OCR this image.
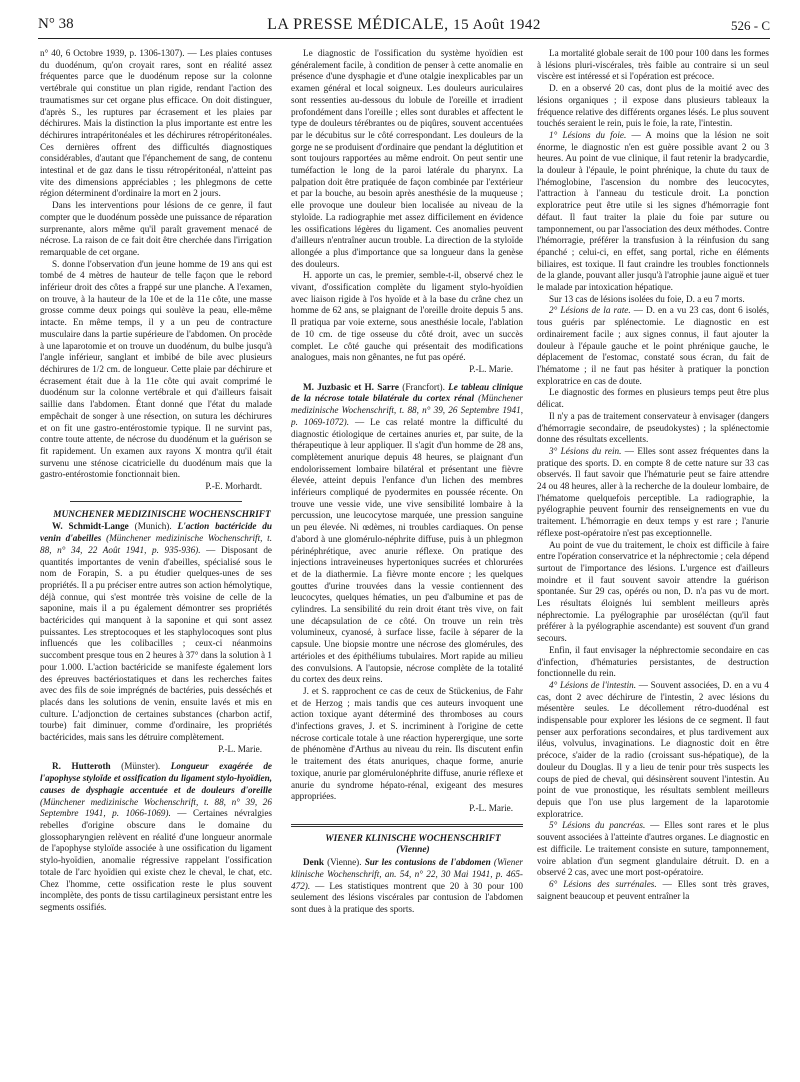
N° 38	LA PRESSE MÉDICALE, 15 Août 1942	526 - C

n° 40, 6 Octobre 1939, p. 1306-1307). — Les plaies contuses du duodénum, qu'on croyait rares, sont en réalité assez fréquentes parce que le duodénum repose sur la colonne vertébrale qui constitue un plan rigide, rendant l'action des traumatismes sur cet organe plus efficace. On doit distinguer, d'après S., les ruptures par écrasement et les plaies par déchirures. Mais la distinction la plus importante est entre les déchirures intrapéritonéales et les déchirures rétropéritonéales. Ces dernières offrent des difficultés diagnostiques considérables, d'autant que l'épanchement de sang, de contenu intestinal et de gaz dans le tissu rétropéritonéal, n'atteint pas vite des dimensions appréciables ; les phlegmons de cette région déterminent d'ordinaire la mort en 2 jours.

Dans les interventions pour lésions de ce genre, il faut compter que le duodénum possède une puissance de réparation surprenante, alors même qu'il paraît gravement menacé de nécrose. La raison de ce fait doit être cherchée dans l'irrigation remarquable de cet organe.

S. donne l'observation d'un jeune homme de 19 ans qui est tombé de 4 mètres de hauteur de telle façon que le rebord inférieur droit des côtes a frappé sur une planche. A l'examen, on trouve, à la hauteur de la 10e et de la 11e côte, une masse grosse comme deux poings qui soulève la peau, elle-même intacte. En même temps, il y a un peu de contracture musculaire dans la partie supérieure de l'abdomen. On procède à une laparotomie et on trouve un duodénum, du bulbe jusqu'à l'angle inférieur, sanglant et imbibé de bile avec plusieurs déchirures de 1/2 cm. de longueur. Cette plaie par déchirure et écrasement était due à la 11e côte qui avait comprimé le duodénum sur la colonne vertébrale et qui d'ailleurs faisait saillie dans l'abdomen. Étant donné que l'état du malade empêchait de songer à une résection, on sutura les déchirures et on fit une gastro-entérostomie typique. Il ne survint pas, contre toute attente, de nécrose du duodénum et la guérison se fit rapidement. Un examen aux rayons X montra qu'il était survenu une sténose cicatricielle du duodénum mais que la gastro-entérostomie fonctionnait bien.

P.-E. Morhardt.

MUNCHENER MEDIZINISCHE WOCHENSCHRIFT

W. Schmidt-Lange (Munich). L'action bactéricide du venin d'abeilles (Münchener medizinische Wochenschrift, t. 88, n° 34, 22 Août 1941, p. 935-936). — Disposant de quantités importantes de venin d'abeilles, spécialisé sous le nom de Forapin, S. a pu étudier quelques-unes de ses propriétés. Il a pu préciser entre autres son action hémolytique, déjà connue, qui s'est montrée très voisine de celle de la saponine, mais il a pu également démontrer ses propriétés bactéricides qui manquent à la saponine et qui sont assez puissantes. Les streptocoques et les staphylocoques sont plus influencés que les colibacilles ; ceux-ci néanmoins succombent presque tous en 2 heures à 37° dans la solution à 1 pour 1.000. L'action bactéricide se manifeste également lors des épreuves bactériostatiques et dans les recherches faites avec des fils de soie imprégnés de bactéries, puis desséchés et placés dans les solutions de venin, ensuite lavés et mis en culture. L'adjonction de certaines substances (charbon actif, tourbe) fait diminuer, comme d'ordinaire, les propriétés bactéricides, mais sans les détruire complètement.

P.-L. Marie.

R. Hutteroth (Münster). Longueur exagérée de l'apophyse styloïde et ossification du ligament stylo-hyoïdien, causes de dysphagie accentuée et de douleurs d'oreille (Münchener medizinische Wochenschrift, t. 88, n° 39, 26 Septembre 1941, p. 1066-1069). — Certaines névralgies rebelles d'origine obscure dans le domaine du glossopharyngien relèvent en réalité d'une longueur anormale de l'apophyse styloïde associée à une ossification du ligament stylo-hyoïdien, anomalie régressive rappelant l'ossification totale de l'arc hyoïdien qui existe chez le cheval, le chat, etc. Chez l'homme, cette ossification reste le plus souvent incomplète, des ponts de tissu cartilagineux persistant entre les segments ossifiés.

Le diagnostic de l'ossification du système hyoïdien est généralement facile, à condition de penser à cette anomalie en présence d'une dysphagie et d'une otalgie inexplicables par un examen général et local soigneux. Les douleurs auriculaires sont ressenties au-dessous du lobule de l'oreille et irradient profondément dans l'oreille ; elles sont durables et affectent le type de douleurs térébrantes ou de piqûres, souvent accentuées par le décubitus sur le côté correspondant. Les douleurs de la gorge ne se produisent d'ordinaire que pendant la déglutition et sont toujours rapportées au même endroit. On peut sentir une tuméfaction le long de la paroi latérale du pharynx. La palpation doit être pratiquée de façon combinée par l'extérieur et par la bouche, au besoin après anesthésie de la muqueuse ; elle provoque une douleur bien localisée au niveau de la styloïde. La radiographie met assez difficilement en évidence les ossifications légères du ligament. Ces anomalies peuvent d'ailleurs n'entraîner aucun trouble. La direction de la styloïde allongée a plus d'importance que sa longueur dans la genèse des douleurs.

H. apporte un cas, le premier, semble-t-il, observé chez le vivant, d'ossification complète du ligament stylo-hyoïdien avec liaison rigide à l'os hyoïde et à la base du crâne chez un homme de 62 ans, se plaignant de l'oreille droite depuis 5 ans. Il pratiqua par voie externe, sous anesthésie locale, l'ablation de 10 cm. de tige osseuse du côté droit, avec un succès complet. Le côté gauche qui présentait des modifications analogues, mais non gênantes, ne fut pas opéré.

P.-L. Marie.

M. Juzbasic et H. Sarre (Francfort). Le tableau clinique de la nécrose totale bilatérale du cortex rénal (Münchener medizinische Wochenschrift, t. 88, n° 39, 26 Septembre 1941, p. 1069-1072). — Le cas relaté montre la difficulté du diagnostic étiologique de certaines anuries et, par suite, de la thérapeutique à leur appliquer. Il s'agit d'un homme de 28 ans, complètement anurique depuis 48 heures, se plaignant d'un endolorissement lombaire bilatéral et présentant une fièvre élevée, atteint depuis l'enfance d'un lichen des membres inférieurs compliqué de pyodermites en poussée récente. On trouve une vessie vide, une vive sensibilité lombaire à la percussion, une leucocytose marquée, une pression sanguine un peu élevée. Ni œdèmes, ni troubles cardiaques. On pense d'abord à une glomérulo-néphrite diffuse, puis à un phlegmon périnéphrétique, avec anurie réflexe. On pratique des injections intraveineuses hypertoniques sucrées et chlorurées et de la diathermie. La fièvre monte encore ; les quelques gouttes d'urine trouvées dans la vessie contiennent des leucocytes, quelques hématies, un peu d'albumine et pas de cylindres. La sensibilité du rein droit étant très vive, on fait une décapsulation de ce côté. On trouve un rein très volumineux, cyanosé, à surface lisse, facile à séparer de la capsule. Une biopsie montre une nécrose des glomérules, des artérioles et des épithéliums tubulaires. Mort rapide au milieu des convulsions. A l'autopsie, nécrose complète de la totalité du cortex des deux reins.

J. et S. rapprochent ce cas de ceux de Stückenius, de Fahr et de Herzog ; mais tandis que ces auteurs invoquent une action toxique ayant déterminé des thromboses au cours d'infections graves, J. et S. incriminent à l'origine de cette nécrose corticale totale à une réaction hyperergique, une sorte de phénomène d'Arthus au niveau du rein. Ils discutent enfin le traitement des états anuriques, chaque forme, anurie toxique, anurie par glomérulonéphrite diffuse, anurie réflexe et anurie du syndrome hépato-rénal, exigeant des mesures appropriées.

P.-L. Marie.

WIENER KLINISCHE WOCHENSCHRIFT

(Vienne)

Denk (Vienne). Sur les contusions de l'abdomen (Wiener klinische Wochenschrift, an. 54, n° 22, 30 Mai 1941, p. 465-472). — Les statistiques montrent que 20 à 30 pour 100 seulement des lésions viscérales par contusion de l'abdomen sont dues à la pratique des sports.

La mortalité globale serait de 100 pour 100 dans les formes à lésions pluri-viscérales, très faible au contraire si un seul viscère est intéressé et si l'opération est précoce.

D. en a observé 20 cas, dont plus de la moitié avec des lésions organiques ; il expose dans plusieurs tableaux la fréquence relative des différents organes lésés. Le plus souvent touchés seraient le rein, puis le foie, la rate, l'intestin.

1° Lésions du foie. — A moins que la lésion ne soit énorme, le diagnostic n'en est guère possible avant 2 ou 3 heures. Au point de vue clinique, il faut retenir la bradycardie, la douleur à l'épaule, le point phrénique, la chute du taux de l'hémoglobine, l'ascension du nombre des leucocytes, l'attraction à l'anneau du testicule droit. La ponction exploratrice peut être utile si les signes d'hémorragie font défaut. Il faut traiter la plaie du foie par suture ou tamponnement, ou par l'association des deux méthodes. Contre l'hémorragie, préférer la transfusion à la réinfusion du sang épanché ; celui-ci, en effet, sang portal, riche en éléments biliaires, est toxique. Il faut craindre les troubles fonctionnels de la glande, pouvant aller jusqu'à l'atrophie jaune aiguë et tuer le malade par intoxication hépatique.

Sur 13 cas de lésions isolées du foie, D. a eu 7 morts.

2° Lésions de la rate. — D. en a vu 23 cas, dont 6 isolés, tous guéris par splénectomie. Le diagnostic en est ordinairement facile ; aux signes connus, il faut ajouter la douleur à l'épaule gauche et le point phrénique gauche, le déplacement de l'estomac, constaté sous écran, du fait de l'hématome ; il ne faut pas hésiter à pratiquer la ponction exploratrice en cas de doute.

Le diagnostic des formes en plusieurs temps peut être plus délicat.

Il n'y a pas de traitement conservateur à envisager (dangers d'hémorragie secondaire, de pseudokystes) ; la splénectomie donne des résultats excellents.

3° Lésions du rein. — Elles sont assez fréquentes dans la pratique des sports. D. en compte 8 de cette nature sur 33 cas observés. Il faut savoir que l'hématurie peut se faire attendre 24 ou 48 heures, aller à la recherche de la douleur lombaire, de l'hématome quelquefois perceptible. La radiographie, la pyélographie peuvent fournir des renseignements en vue du traitement. L'hémorragie en deux temps y est rare ; l'anurie réflexe post-opératoire n'est pas exceptionnelle.

Au point de vue du traitement, le choix est difficile à faire entre l'opération conservatrice et la néphrectomie ; cela dépend surtout de l'importance des lésions. L'urgence est d'ailleurs moindre et il faut souvent savoir attendre la guérison spontanée. Sur 29 cas, opérés ou non, D. n'a pas vu de mort. Les résultats éloignés lui semblent meilleurs après néphrectomie. La pyélographie par uroséléctan (qu'il faut préférer à la pyélographie ascendante) est souvent d'un grand secours.

Enfin, il faut envisager la néphrectomie secondaire en cas d'infection, d'hématuries persistantes, de destruction fonctionnelle du rein.

4° Lésions de l'intestin. — Souvent associées, D. en a vu 4 cas, dont 2 avec déchirure de l'intestin, 2 avec lésions du mésentère seules. Le décollement rétro-duodénal est indispensable pour explorer les lésions de ce segment. Il faut penser aux perforations secondaires, et plus tardivement aux iléus, volvulus, invaginations. Le diagnostic doit en être précoce, s'aider de la radio (croissant sus-hépatique), de la douleur du Douglas. Il y a lieu de tenir pour très suspects les coups de pied de cheval, qui désinsèrent souvent l'intestin. Au point de vue pronostique, les résultats semblent meilleurs depuis que l'on use plus largement de la laparotomie exploratrice.

5° Lésions du pancréas. — Elles sont rares et le plus souvent associées à l'atteinte d'autres organes. Le diagnostic en est difficile. Le traitement consiste en suture, tamponnement, voire ablation d'un segment glandulaire détruit. D. en a observé 2 cas, avec une mort post-opératoire.

6° Lésions des surrénales. — Elles sont très graves, saignent beaucoup et peuvent entraîner la
